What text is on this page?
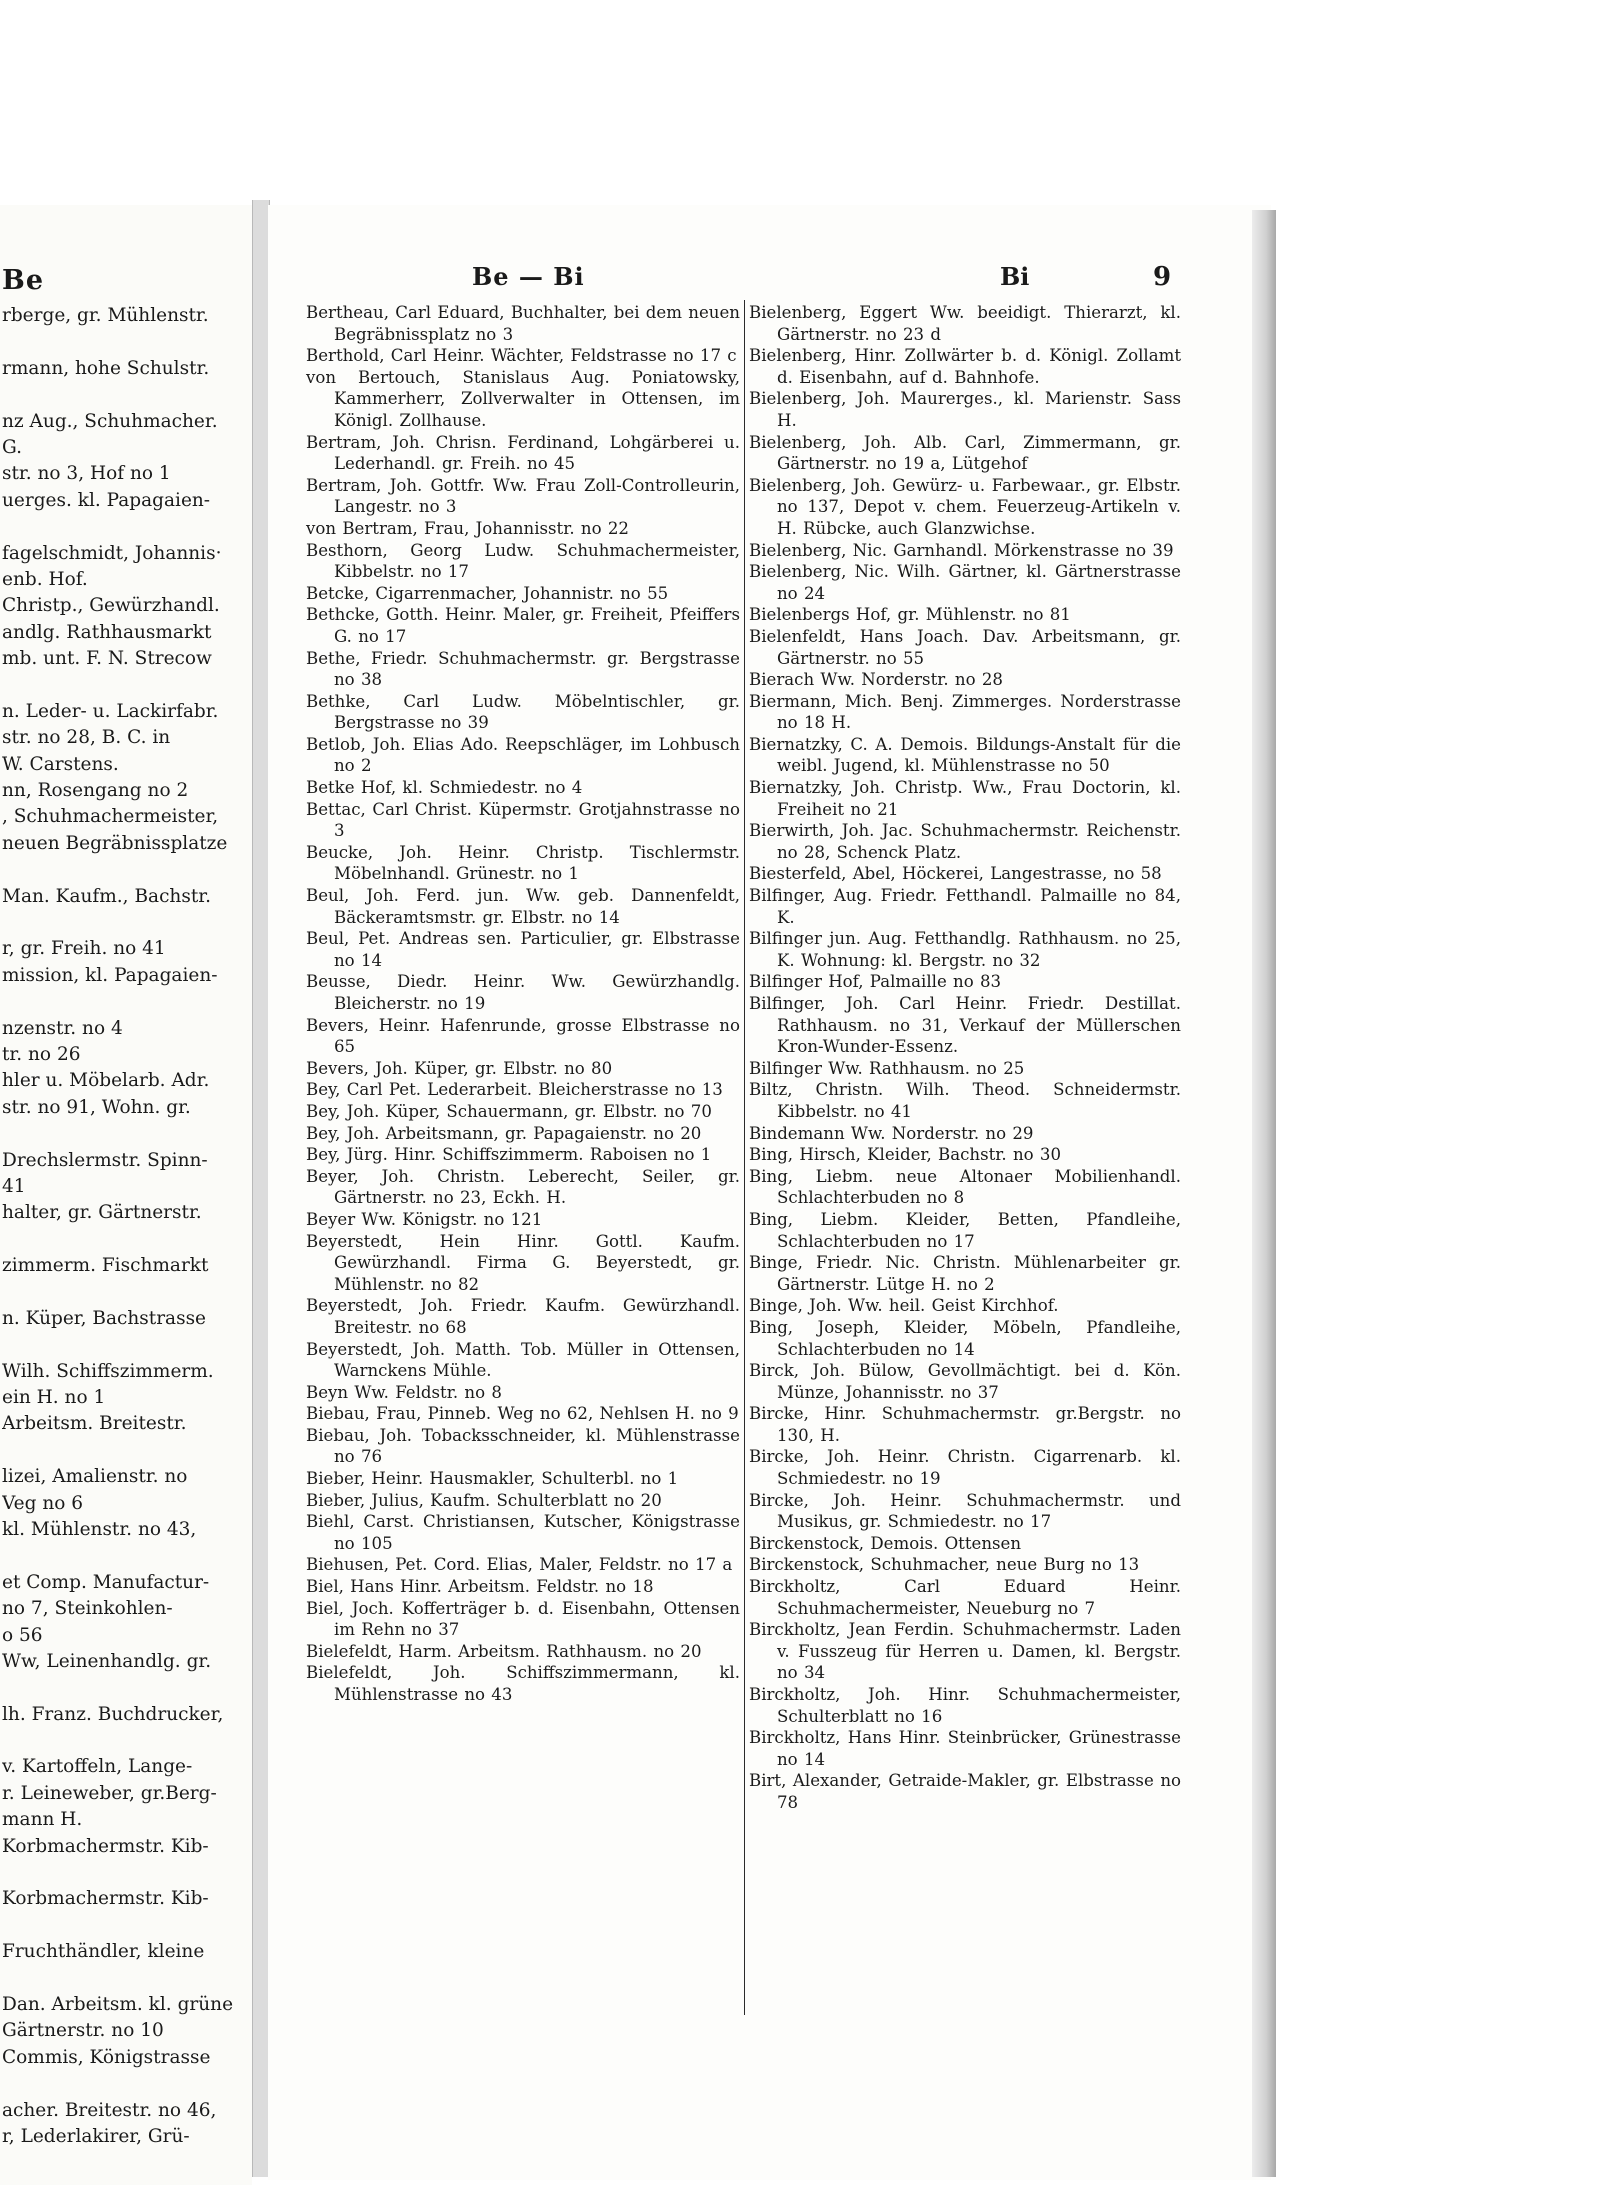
Be
rberge, gr. Mühlenstr.
rmann, hohe Schulstr.
nz Aug., Schuhmacher.
G.
str. no 3, Hof no 1
uerges. kl. Papagaien-
fagelschmidt, Johannis·
enb. Hof.
Christp., Gewürzhandl.
andlg. Rathhausmarkt
mb. unt. F. N. Strecow
n. Leder- u. Lackirfabr.
str. no 28, B. C. in
W. Carstens.
nn, Rosengang no 2
, Schuhmachermeister,
neuen Begräbnissplatze
Man. Kaufm., Bachstr.
r, gr. Freih. no 41
mission, kl. Papagaien-
nzenstr. no 4
tr. no 26
hler u. Möbelarb. Adr.
str. no 91, Wohn. gr.
Drechslermstr. Spinn-
41
halter, gr. Gärtnerstr.
zimmerm. Fischmarkt
n. Küper, Bachstrasse
Wilh. Schiffszimmerm.
ein H. no 1
Arbeitsm. Breitestr.
lizei, Amalienstr. no
Veg no 6
kl. Mühlenstr. no 43,
et Comp. Manufactur-
no 7, Steinkohlen-
o 56
Ww, Leinenhandlg. gr.
lh. Franz. Buchdrucker,
v. Kartoffeln, Lange-
r. Leineweber, gr.Berg-
mann H.
Korbmachermstr. Kib-
Korbmachermstr. Kib-
Fruchthändler, kleine
Dan. Arbeitsm. kl. grüne
Gärtnerstr. no 10
Commis, Königstrasse
acher. Breitestr. no 46,
r, Lederlakirer, Grü-
Be — Bi	Bi	9
Bertheau, Carl Eduard, Buchhalter, bei dem neuen Begräbnissplatz no 3
Berthold, Carl Heinr. Wächter, Feldstrasse no 17 c
von Bertouch, Stanislaus Aug. Poniatowsky, Kammerherr, Zollverwalter in Ottensen, im Königl. Zollhause.
Bertram, Joh. Chrisn. Ferdinand, Lohgärberei u. Lederhandl. gr. Freih. no 45
Bertram, Joh. Gottfr. Ww. Frau Zoll-Controlleurin, Langestr. no 3
von Bertram, Frau, Johannisstr. no 22
Besthorn, Georg Ludw. Schuhmachermeister, Kibbelstr. no 17
Betcke, Cigarrenmacher, Johannistr. no 55
Bethcke, Gotth. Heinr. Maler, gr. Freiheit, Pfeiffers G. no 17
Bethe, Friedr. Schuhmachermstr. gr. Bergstrasse no 38
Bethke, Carl Ludw. Möbelntischler, gr. Bergstrasse no 39
Betlob, Joh. Elias Ado. Reepschläger, im Lohbusch no 2
Betke Hof, kl. Schmiedestr. no 4
Bettac, Carl Christ. Küpermstr. Grotjahnstrasse no 3
Beucke, Joh. Heinr. Christp. Tischlermstr. Möbelnhandl. Grünestr. no 1
Beul, Joh. Ferd. jun. Ww. geb. Dannenfeldt, Bäckeramtsmstr. gr. Elbstr. no 14
Beul, Pet. Andreas sen. Particulier, gr. Elbstrasse no 14
Beusse, Diedr. Heinr. Ww. Gewürzhandlg. Bleicherstr. no 19
Bevers, Heinr. Hafenrunde, grosse Elbstrasse no 65
Bevers, Joh. Küper, gr. Elbstr. no 80
Bey, Carl Pet. Lederarbeit. Bleicherstrasse no 13
Bey, Joh. Küper, Schauermann, gr. Elbstr. no 70
Bey, Joh. Arbeitsmann, gr. Papagaienstr. no 20
Bey, Jürg. Hinr. Schiffszimmerm. Raboisen no 1
Beyer, Joh. Christn. Leberecht, Seiler, gr. Gärtnerstr. no 23, Eckh. H.
Beyer Ww. Königstr. no 121
Beyerstedt, Hein Hinr. Gottl. Kaufm. Gewürzhandl. Firma G. Beyerstedt, gr. Mühlenstr. no 82
Beyerstedt, Joh. Friedr. Kaufm. Gewürzhandl. Breitestr. no 68
Beyerstedt, Joh. Matth. Tob. Müller in Ottensen, Warnckens Mühle.
Beyn Ww. Feldstr. no 8
Biebau, Frau, Pinneb. Weg no 62, Nehlsen H. no 9
Biebau, Joh. Tobacksschneider, kl. Mühlenstrasse no 76
Bieber, Heinr. Hausmakler, Schulterbl. no 1
Bieber, Julius, Kaufm. Schulterblatt no 20
Biehl, Carst. Christiansen, Kutscher, Königstrasse no 105
Biehusen, Pet. Cord. Elias, Maler, Feldstr. no 17 a
Biel, Hans Hinr. Arbeitsm. Feldstr. no 18
Biel, Joch. Kofferträger b. d. Eisenbahn, Ottensen im Rehn no 37
Bielefeldt, Harm. Arbeitsm. Rathhausm. no 20
Bielefeldt, Joh. Schiffszimmermann, kl. Mühlenstrasse no 43
Bielenberg, Eggert Ww. beeidigt. Thierarzt, kl. Gärtnerstr. no 23 d
Bielenberg, Hinr. Zollwärter b. d. Königl. Zollamt d. Eisenbahn, auf d. Bahnhofe.
Bielenberg, Joh. Maurerges., kl. Marienstr. Sass H.
Bielenberg, Joh. Alb. Carl, Zimmermann, gr. Gärtnerstr. no 19 a, Lütgehof
Bielenberg, Joh. Gewürz- u. Farbewaar., gr. Elbstr. no 137, Depot v. chem. Feuerzeug-Artikeln v. H. Rübcke, auch Glanzwichse.
Bielenberg, Nic. Garnhandl. Mörkenstrasse no 39
Bielenberg, Nic. Wilh. Gärtner, kl. Gärtnerstrasse no 24
Bielenbergs Hof, gr. Mühlenstr. no 81
Bielenfeldt, Hans Joach. Dav. Arbeitsmann, gr. Gärtnerstr. no 55
Bierach Ww. Norderstr. no 28
Biermann, Mich. Benj. Zimmerges. Norderstrasse no 18 H.
Biernatzky, C. A. Demois. Bildungs-Anstalt für die weibl. Jugend, kl. Mühlenstrasse no 50
Biernatzky, Joh. Christp. Ww., Frau Doctorin, kl. Freiheit no 21
Bierwirth, Joh. Jac. Schuhmachermstr. Reichenstr. no 28, Schenck Platz.
Biesterfeld, Abel, Höckerei, Langestrasse, no 58
Bilfinger, Aug. Friedr. Fetthandl. Palmaille no 84, K.
Bilfinger jun. Aug. Fetthandlg. Rathhausm. no 25, K. Wohnung: kl. Bergstr. no 32
Bilfinger Hof, Palmaille no 83
Bilfinger, Joh. Carl Heinr. Friedr. Destillat. Rathhausm. no 31, Verkauf der Müllerschen Kron-Wunder-Essenz.
Bilfinger Ww. Rathhausm. no 25
Biltz, Christn. Wilh. Theod. Schneidermstr. Kibbelstr. no 41
Bindemann Ww. Norderstr. no 29
Bing, Hirsch, Kleider, Bachstr. no 30
Bing, Liebm. neue Altonaer Mobilienhandl. Schlachterbuden no 8
Bing, Liebm. Kleider, Betten, Pfandleihe, Schlachterbuden no 17
Binge, Friedr. Nic. Christn. Mühlenarbeiter gr. Gärtnerstr. Lütge H. no 2
Binge, Joh. Ww. heil. Geist Kirchhof.
Bing, Joseph, Kleider, Möbeln, Pfandleihe, Schlachterbuden no 14
Birck, Joh. Bülow, Gevollmächtigt. bei d. Kön. Münze, Johannisstr. no 37
Bircke, Hinr. Schuhmachermstr. gr.Bergstr. no 130, H.
Bircke, Joh. Heinr. Christn. Cigarrenarb. kl. Schmiedestr. no 19
Bircke, Joh. Heinr. Schuhmachermstr. und Musikus, gr. Schmiedestr. no 17
Birckenstock, Demois. Ottensen
Birckenstock, Schuhmacher, neue Burg no 13
Birckholtz, Carl Eduard Heinr. Schuhmachermeister, Neueburg no 7
Birckholtz, Jean Ferdin. Schuhmachermstr. Laden v. Fusszeug für Herren u. Damen, kl. Bergstr. no 34
Birckholtz, Joh. Hinr. Schuhmachermeister, Schulterblatt no 16
Birckholtz, Hans Hinr. Steinbrücker, Grünestrasse no 14
Birt, Alexander, Getraide-Makler, gr. Elbstrasse no 78
